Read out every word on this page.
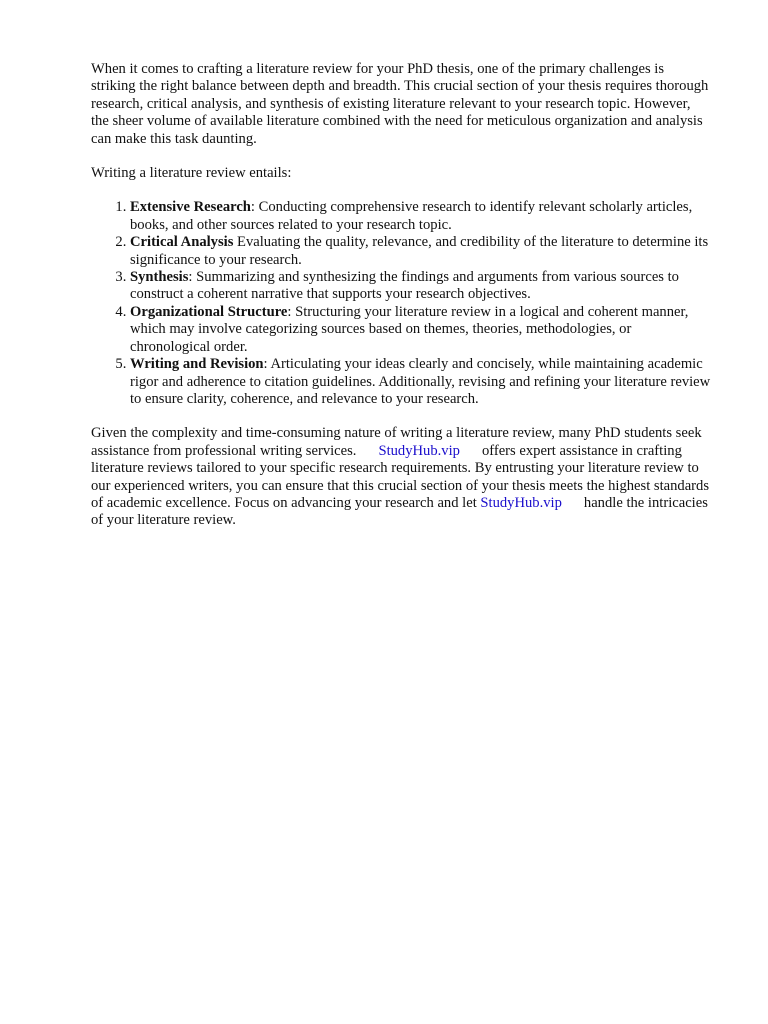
When it comes to crafting a literature review for your PhD thesis, one of the primary challenges is striking the right balance between depth and breadth. This crucial section of your thesis requires thorough research, critical analysis, and synthesis of existing literature relevant to your research topic. However, the sheer volume of available literature combined with the need for meticulous organization and analysis can make this task daunting.

Writing a literature review entails:

1. Extensive Research: Conducting comprehensive research to identify relevant scholarly articles, books, and other sources related to your research topic.
2. Critical Analysis Evaluating the quality, relevance, and credibility of the literature to determine its significance to your research.
3. Synthesis: Summarizing and synthesizing the findings and arguments from various sources to construct a coherent narrative that supports your research objectives.
4. Organizational Structure: Structuring your literature review in a logical and coherent manner, which may involve categorizing sources based on themes, theories, methodologies, or chronological order.
5. Writing and Revision: Articulating your ideas clearly and concisely, while maintaining academic rigor and adherence to citation guidelines. Additionally, revising and refining your literature review to ensure clarity, coherence, and relevance to your research.

Given the complexity and time-consuming nature of writing a literature review, many PhD students seek assistance from professional writing services. StudyHub.vip offers expert assistance in crafting literature reviews tailored to your specific research requirements. By entrusting your literature review to our experienced writers, you can ensure that this crucial section of your thesis meets the highest standards of academic excellence. Focus on advancing your research and let StudyHub.vip handle the intricacies of your literature review.
